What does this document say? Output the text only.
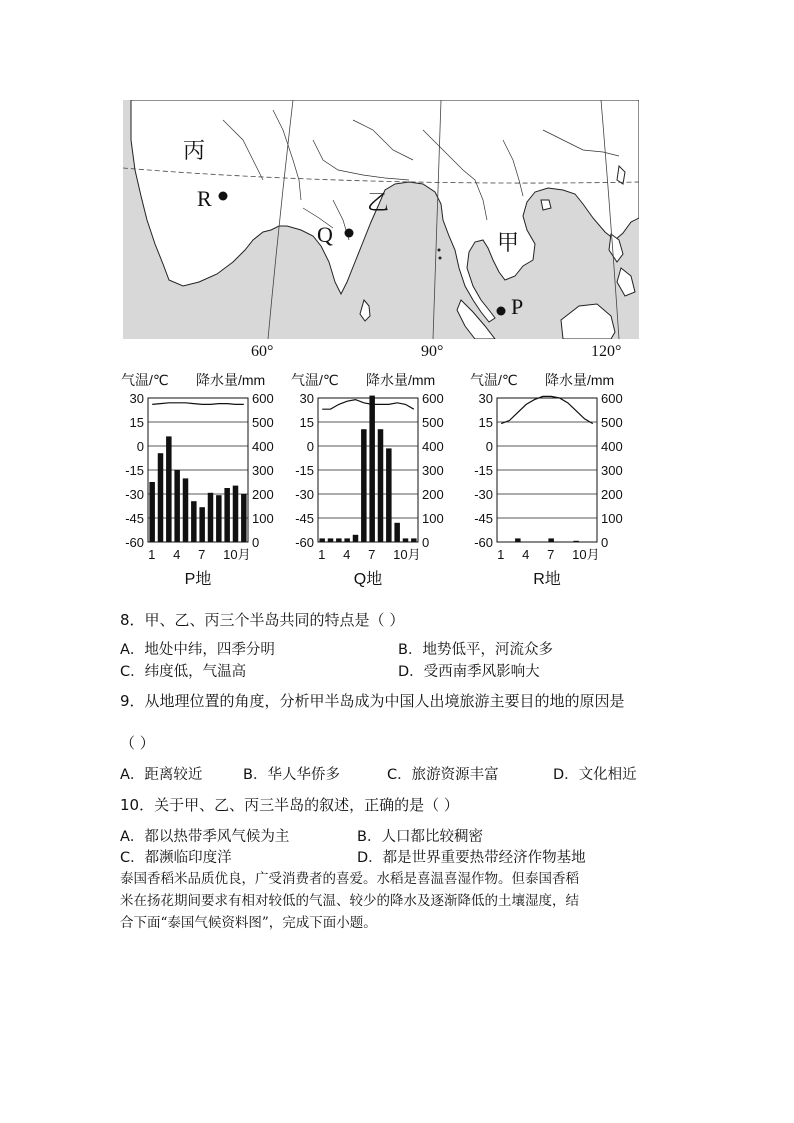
丙
R	乙
Q	甲
P
60°	90°	120°
气温/℃ 降水量/mm
30
15
0
-15
-30
-45
-60
600
500
400
300
200
100
0
1 4 7 10月
P地
气温/℃ 降水量/mm
30
15
0
-15
-30
-45
-60
600
500
400
300
200
100
0
1 4 7 10月
Q地
气温/℃ 降水量/mm
30
15
0
-15
-30
-45
-60
600
500
400
300
200
100
0
1 4 7 10月
R地
8．甲、乙、丙三个半岛共同的特点是（ ）
A．地处中纬，四季分明	B．地势低平，河流众多
C．纬度低，气温高	D．受西南季风影响大
9．从地理位置的角度，分析甲半岛成为中国人出境旅游主要目的地的原因是
（ ）
A．距离较近	B．华人华侨多	C．旅游资源丰富	D．文化相近
10．关于甲、乙、丙三半岛的叙述，正确的是（ ）
A．都以热带季风气候为主	B．人口都比较稠密
C．都濒临印度洋	D．都是世界重要热带经济作物基地
泰国香稻米品质优良，广受消费者的喜爱。水稻是喜温喜湿作物。但泰国香稻
米在扬花期间要求有相对较低的气温、较少的降水及逐渐降低的土壤湿度，结
合下面“泰国气候资料图”，完成下面小题。
